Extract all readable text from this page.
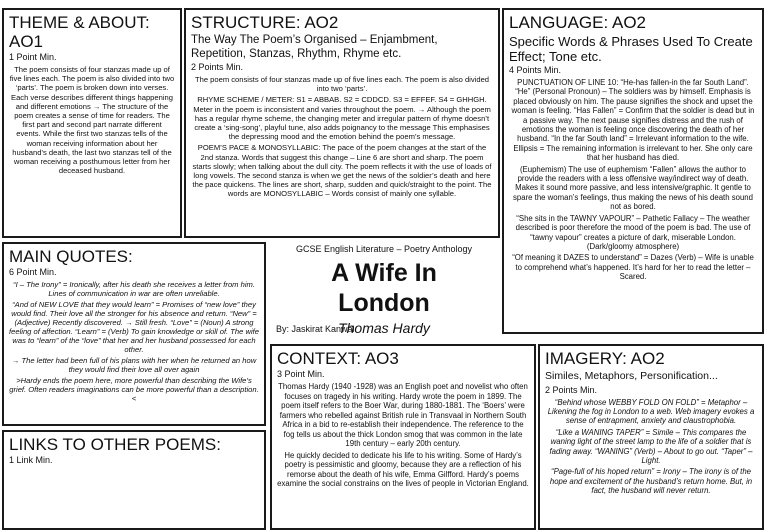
THEME & ABOUT:
AO1
1 Point Min.
The poem consists of four stanzas made up of five lines each. The poem is also divided into two ‘parts’. The poem is broken down into verses. Each verse describes different things happening and different emotions → The structure of the poem creates a sense of time for readers. The first part and second part narrate different events. While the first two stanzas tells of the woman receiving information about her husband’s death, the last two stanzas tell of the woman receiving a posthumous letter from her deceased husband.
STRUCTURE: AO2
The Way The Poem’s Organised – Enjambment, Repetition, Stanzas, Rhythm, Rhyme etc.
2 Points Min.

The poem consists of four stanzas made up of five lines each. The poem is also divided into two ‘parts’.

RHYME SCHEME / METER: S1 = ABBAB. S2 = CDDCD. S3 = EFFEF. S4 = GHHGH. Meter in the poem is inconsistent and varies throughout the poem. → Although the poem has a regular rhyme scheme, the changing meter and irregular pattern of rhyme doesn’t create a ‘sing-song’, playful tune, also adds poignancy to the message This emphasises the depressing mood and the emotion behind the poem’s message.

POEM’S PACE & MONOSYLLABIC: The pace of the poem changes at the start of the 2nd stanza. Words that suggest this change – Line 6 are short and sharp. The poem starts slowly; when talking about the dull city. The poem reflects it with the use of loads of long vowels. The second stanza is when we get the news of the soldier’s death and here the pace quickens. The lines are short, sharp, sudden and quick/straight to the point. The words are MONOSYLLABIC – Words consist of mainly one syllable.

LANGUAGE: AO2
Specific Words & Phrases Used To Create Effect; Tone etc.
4 Points Min.

PUNCTUATION OF LINE 10: “He-has fallen-in the far South Land”. “He” (Personal Pronoun) – The soldiers was by himself. Emphasis is placed obviously on him. The pause signifies the shock and upset the woman is feeling. “Has Fallen” = Confirm that the soldier is dead but in a passive way. The next pause signifies distress and the rush of emotions the woman is feeling once discovering the death of her husband. “In the far South land” = Irrelevant information to the wife. Ellipsis = The remaining information is irrelevant to her. She only care that her husband has died.

(Euphemism) The use of euphemism “Fallen” allows the author to provide the readers with a less offensive way/indirect way of death. Makes it sound more passive, and less intensive/graphic. It gentle to spare the woman’s feelings, thus making the news of his death sound not as bored.

“She sits in the TAWNY VAPOUR” – Pathetic Fallacy – The weather described is poor therefore the mood of the poem is bad. The use of “tawny vapour” creates a picture of dark, miserable London. (Dark/gloomy atmosphere)

“Of meaning it DAZES to understand” = Dazes (Verb) – Wife is unable to comprehend what’s happened. It’s hard for her to read the letter – Scared.

MAIN QUOTES:
6 Point Min.

“I – The Irony” = Ironically, after his death she receives a letter from him. Lines of communication in war are often unreliable.

“And of NEW LOVE that they would learn” = Promises of “new love” they would find. Their love all the stronger for his absence and return. “New” = (Adjective) Recently discovered. → Still fresh. “Love” = (Noun) A strong feeling of affection. “Learn” = (Verb) To gain knowledge or skill of. The wife was to “learn” of the “love” that her and her husband possessed for each other.

→ The letter had been full of his plans with her when he returned an how they would find their love all over again

>Hardy ends the poem here, more powerful than describing the Wife’s grief. Often readers imaginations can be more powerful than a description.<

GCSE English Literature – Poetry Anthology
A Wife In
London
Thomas Hardy
By: Jaskirat Kanwal
CONTEXT: AO3
3 Point Min.

Thomas Hardy (1940 -1928) was an English poet and novelist who often focuses on tragedy in his writing. Hardy wrote the poem in 1899. The poem itself refers to the Boer War, during 1880-1881. The ‘Boers’ were farmers who rebelled against British rule in Transvaal in Northern South Africa in a bid to re-establish their independence. The reference to the fog tells us about the thick London smog that was common in the late 19th century – early 20th century.

He quickly decided to dedicate his life to his writing. Some of Hardy’s poetry is pessimistic and gloomy, because they are a reflection of his remorse about the death of his wife, Emma Gilfford. Hardy’s poems examine the social constrains on the lives of people in Victorian England.

IMAGERY: AO2
Similes, Metaphors, Personification...
2 Points Min.

“Behind whose WEBBY FOLD ON FOLD” = Metaphor – Likening the fog in London to a web. Web imagery evokes a sense of entrapment, anxiety and claustrophobia.

“Like a WANING TAPER” = Simile – This compares the waning light of the street lamp to the life of a soldier that is fading away. “WANING” (Verb) – About to go out. “Taper” – Light.

“Page-full of his hoped return” = Irony – The irony is of the hope and excitement of the husband’s return home. But, in fact, the husband will never return.

LINKS TO OTHER POEMS:
1 Link Min.
